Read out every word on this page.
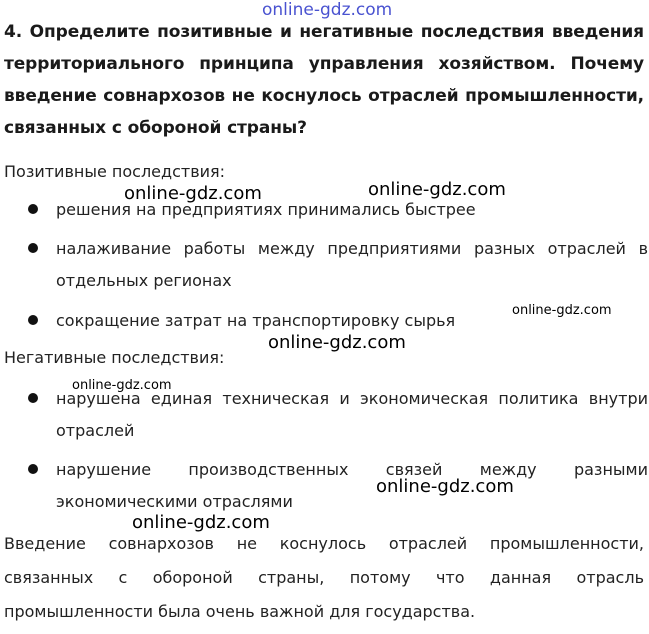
online-gdz.com
4. Определите позитивные и негативные последствия введения территориального принципа управления хозяйством. Почему введение совнархозов не коснулось отраслей промышленности, связанных с обороной страны?
Позитивные последствия:
решения на предприятиях принимались быстрее
налаживание работы между предприятиями разных отраслей в отдельных регионах
сокращение затрат на транспортировку сырья
Негативные последствия:
нарушена единая техническая и экономическая политика внутри отраслей
нарушение производственных связей между разными экономическими отраслями
Введение совнархозов не коснулось отраслей промышленности, связанных с обороной страны, потому что данная отрасль промышленности была очень важной для государства.
online-gdz.com	online-gdz.com
online-gdz.com
online-gdz.com
online-gdz.com
online-gdz.com
online-gdz.com
